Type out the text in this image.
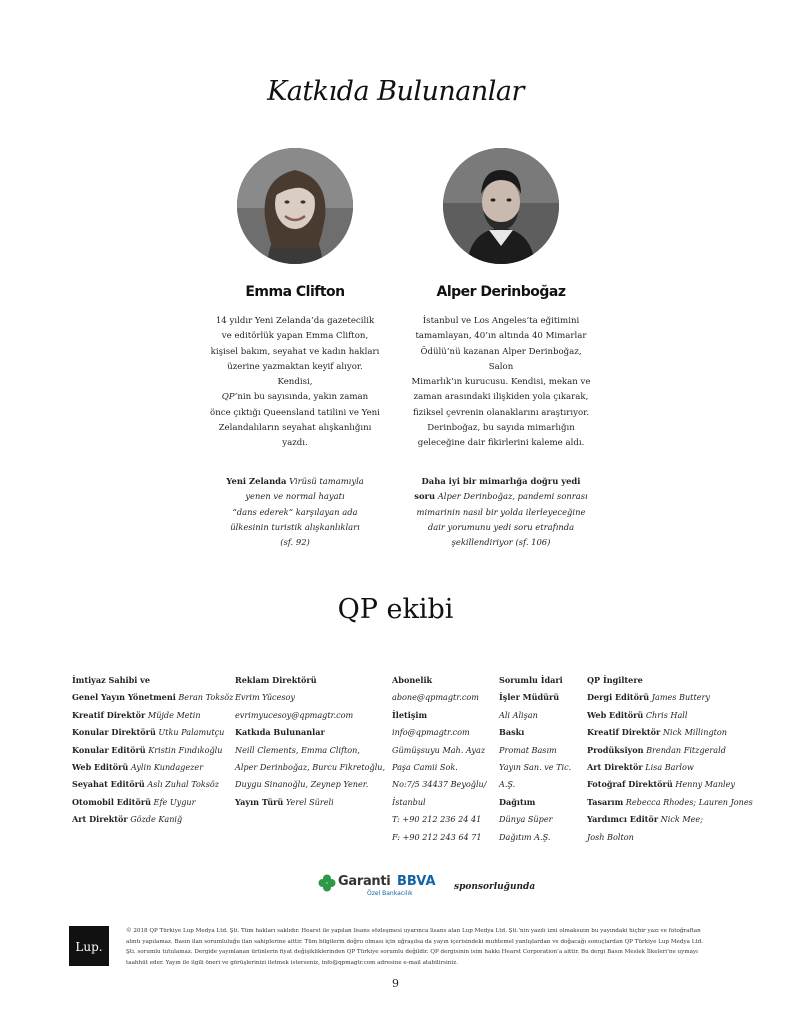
Katkıda Bulunanlar
Emma Clifton
14 yıldır Yeni Zelanda’da gazetecilik
ve editörlük yapan Emma Clifton,
kişisel bakım, seyahat ve kadın hakları
üzerine yazmaktan keyif alıyor. Kendisi,
QP’nin bu sayısında, yakın zaman
önce çıktığı Queensland tatilini ve Yeni
Zelandalıların seyahat alışkanlığını
yazdı.
Yeni Zelanda Virüsü tamamıyla
yenen ve normal hayatı
“dans ederek” karşılayan ada
ülkesinin turistik alışkanlıkları
(sf. 92)
Alper Derinboğaz
İstanbul ve Los Angeles’ta eğitimini
tamamlayan, 40’ın altında 40 Mimarlar
Ödülü’nü kazanan Alper Derinboğaz, Salon
Mimarlık’ın kurucusu. Kendisi, mekan ve
zaman arasındaki ilişkiden yola çıkarak,
fiziksel çevrenin olanaklarını araştırıyor.
Derinboğaz, bu sayıda mimarlığın
geleceğine dair fikirlerini kaleme aldı.
Daha iyi bir mimarlığa doğru yedi
soru Alper Derinboğaz, pandemi sonrası
mimarinin nasıl bir yolda ilerleyeceğine
dair yorumunu yedi soru etrafında
şekillendiriyor (sf. 106)
QP ekibi
İmtiyaz Sahibi ve
Genel Yayın Yönetmeni Beran Toksöz
Kreatif Direktör Müjde Metin
Konular Direktörü Utku Palamutçu
Konular Editörü Kristin Fındıkoğlu
Web Editörü Aylin Kundagezer
Seyahat Editörü Aslı Zuhal Toksöz
Otomobil Editörü Efe Uygur
Art Direktör Gözde Kaniğ
Reklam Direktörü
Evrim Yücesoy
evrimyucesoy@qpmagtr.com
Katkıda Bulunanlar
Neill Clements, Emma Clifton,
Alper Derinboğaz, Burcu Fikretoğlu,
Duygu Sinanoğlu, Zeynep Yener.
Yayın Türü Yerel Süreli
Abonelik
abone@qpmagtr.com
İletişim
info@qpmagtr.com
Gümüşsuyu Mah. Ayaz
Paşa Camii Sok.
No:7/5 34437 Beyoğlu/
İstanbul
T: +90 212 236 24 41
F: +90 212 243 64 71
Sorumlu İdari
İşler Müdürü
Ali Alişan
Baskı
Promat Basım
Yayın San. ve Tic.
A.Ş.
Dağıtım
Dünya Süper
Dağıtım A.Ş.
QP İngiltere
Dergi Editörü James Buttery
Web Editörü Chris Hall
Kreatif Direktör Nick Millington
Prodüksiyon Brendan Fitzgerald
Art Direktör Lisa Barlow
Fotoğraf Direktörü Henny Manley
Tasarım Rebecca Rhodes; Lauren Jones
Yardımcı Editör Nick Mee;
Josh Bolton
Garanti BBVA
Özel Bankacılık
sponsorluğunda
Lup.
© 2018 QP Türkiye Lup Medya Ltd. Şti. Tüm hakları saklıdır. Hearst ile yapılan lisans sözleşmesi uyarınca lisans alan Lup Medya Ltd. Şti.’nin yazılı izni olmaksızın bu yayındaki hiçbir yazı ve fotoğraftan
alıntı yapılamaz. Basın ilan sorumluluğu ilan sahiplerine aittir. Tüm bilgilerin doğru olması için uğraşılsa da yayın içerisindeki muhtemel yanlışlardan ve doğacağı sonuçlardan QP Türkiye Lup Medya Ltd.
Şti. sorumlu tutulamaz. Dergide yayınlanan ürünlerin fiyat değişikliklerinden QP Türkiye sorumlu değildir. QP dergisinin isim hakkı Hearst Corporation’a aittir. Bu dergi Basın Meslek İlkeleri’ne uymayı
taahhüt eder. Yayın ile ilgili öneri ve görüşlerinizi iletmek isterseniz, info@qpmagtr.com adresine e-mail atabilirsiniz.
9
